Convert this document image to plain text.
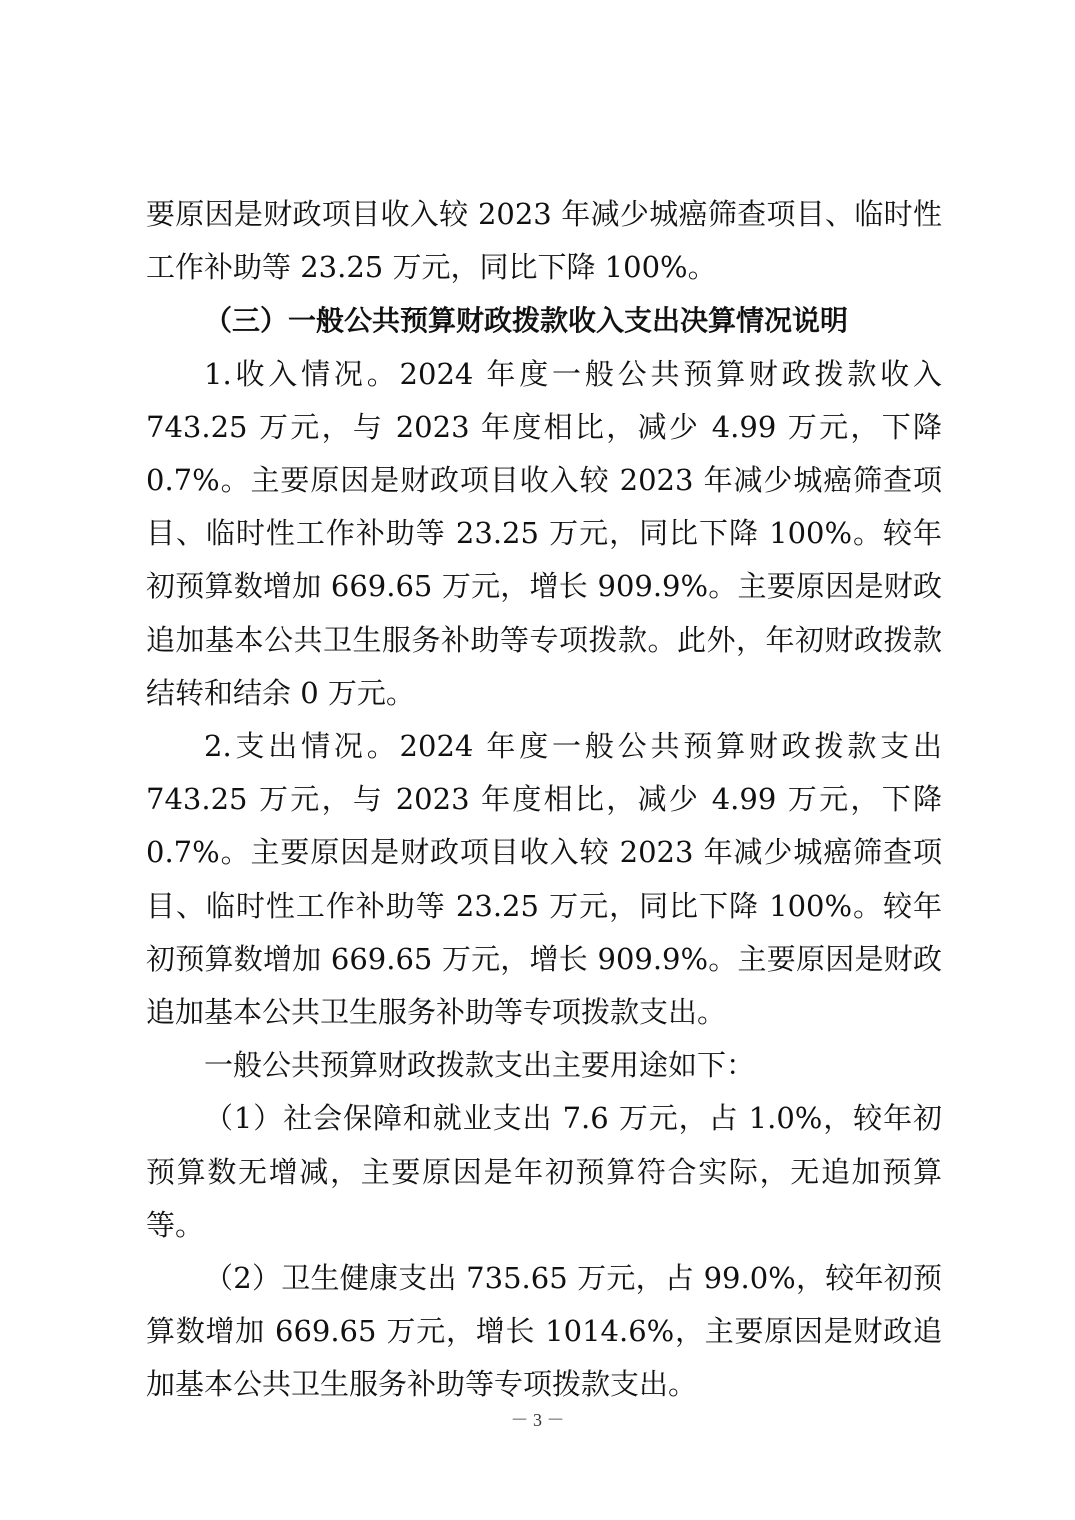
要原因是财政项目收入较 2023 年减少城癌筛查项目、临时性工作补助等 23.25 万元，同比下降 100%。

（三）一般公共预算财政拨款收入支出决算情况说明

1.收入情况。2024 年度一般公共预算财政拨款收入 743.25 万元，与 2023 年度相比，减少 4.99 万元，下降 0.7%。主要原因是财政项目收入较 2023 年减少城癌筛查项目、临时性工作补助等 23.25 万元，同比下降 100%。较年初预算数增加 669.65 万元，增长 909.9%。主要原因是财政追加基本公共卫生服务补助等专项拨款。此外，年初财政拨款结转和结余 0 万元。

2.支出情况。2024 年度一般公共预算财政拨款支出 743.25 万元，与 2023 年度相比，减少 4.99 万元，下降 0.7%。主要原因是财政项目收入较 2023 年减少城癌筛查项目、临时性工作补助等 23.25 万元，同比下降 100%。较年初预算数增加 669.65 万元，增长 909.9%。主要原因是财政追加基本公共卫生服务补助等专项拨款支出。

一般公共预算财政拨款支出主要用途如下：

（1）社会保障和就业支出 7.6 万元，占 1.0%，较年初预算数无增减，主要原因是年初预算符合实际，无追加预算等。

（2）卫生健康支出 735.65 万元，占 99.0%，较年初预算数增加 669.65 万元，增长 1014.6%，主要原因是财政追加基本公共卫生服务补助等专项拨款支出。

－ 3 －
